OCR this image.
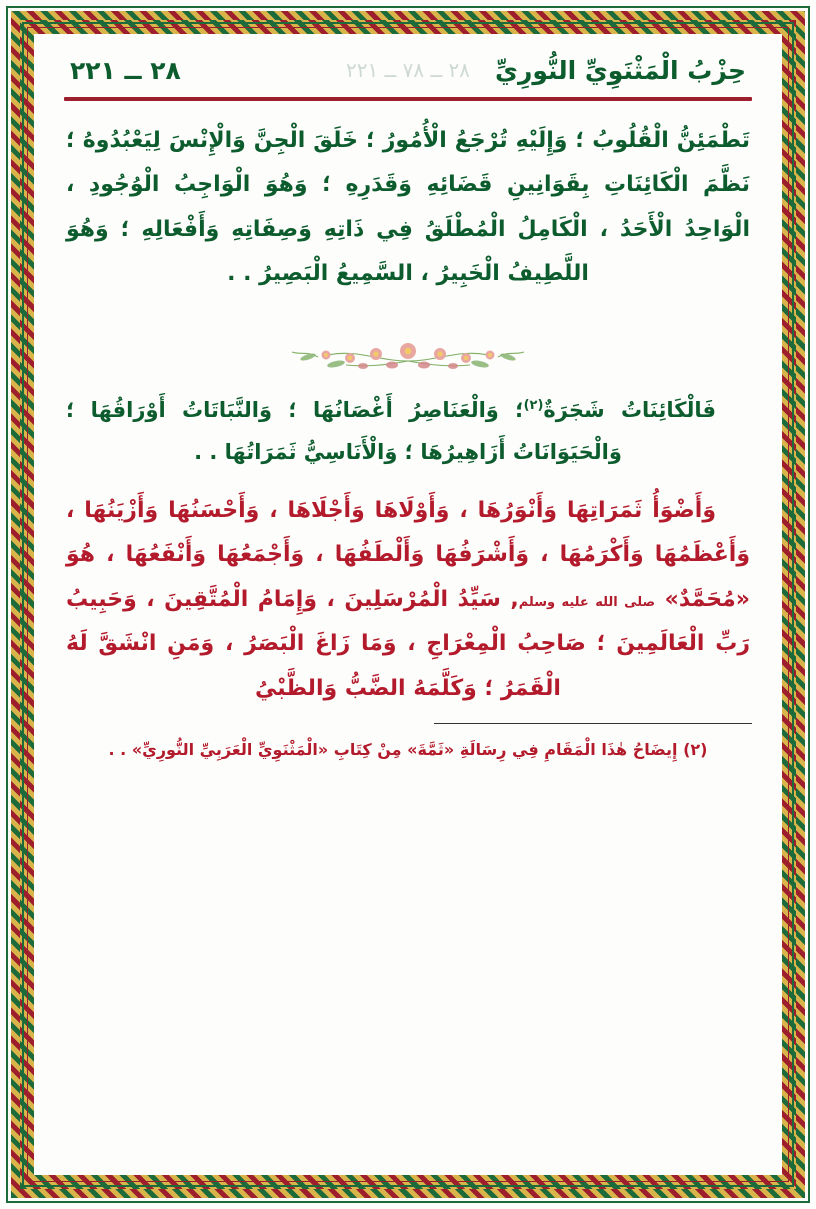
حِزْبُ الْمَثْنَوِيِّ النُّورِيِّ
٢٨ ــ ٧٨ ــ ٢٢١
٢٨ ــ ٢٢١

تَطْمَئِنُّ الْقُلُوبُ ؛ وَإِلَيْهِ تُرْجَعُ الْأُمُورُ ؛ خَلَقَ الْجِنَّ وَالْإِنْسَ لِيَعْبُدُوهُ ؛ نَظَّمَ الْكَائِنَاتِ بِقَوَانِينِ قَضَائِهِ وَقَدَرِهِ ؛ وَهُوَ الْوَاجِبُ الْوُجُودِ ، الْوَاحِدُ الْأَحَدُ ، الْكَامِلُ الْمُطْلَقُ فِي ذَاتِهِ وَصِفَاتِهِ وَأَفْعَالِهِ ؛ وَهُوَ اللَّطِيفُ الْخَبِيرُ ، السَّمِيعُ الْبَصِيرُ . .

فَالْكَائِنَاتُ شَجَرَةٌ$^{(٢)}$؛ وَالْعَنَاصِرُ أَغْصَانُهَا ؛ وَالنَّبَاتَاتُ أَوْرَاقُهَا ؛ وَالْحَيَوَانَاتُ أَزَاهِيرُهَا ؛ وَالْأَنَاسِيُّ ثَمَرَاتُهَا . .

وَأَضْوَأُ ثَمَرَاتِهَا وَأَنْوَرُهَا ، وَأَوْلَاهَا وَأَجْلَاهَا ، وَأَحْسَنُهَا وَأَزْيَنُهَا ، وَأَعْظَمُهَا وَأَكْرَمُهَا ، وَأَشْرَفُهَا وَأَلْطَفُهَا ، وَأَجْمَعُهَا وَأَنْفَعُهَا ، هُوَ «مُحَمَّدٌ» صلى الله عليه وسلم, سَيِّدُ الْمُرْسَلِينَ ، وَإِمَامُ الْمُتَّقِينَ ، وَحَبِيبُ رَبِّ الْعَالَمِينَ ؛ صَاحِبُ الْمِعْرَاجِ ، وَمَا زَاغَ الْبَصَرُ ، وَمَنِ انْشَقَّ لَهُ الْقَمَرُ ؛ وَكَلَّمَهُ الضَّبُّ وَالظَّبْيُ

(٢) إِيضَاحُ هٰذَا الْمَقَامِ فِي رِسَالَةِ «ثَمَّةَ» مِنْ كِتَابِ «الْمَثْنَوِيِّ الْعَرَبِيِّ النُّورِيِّ» . .
